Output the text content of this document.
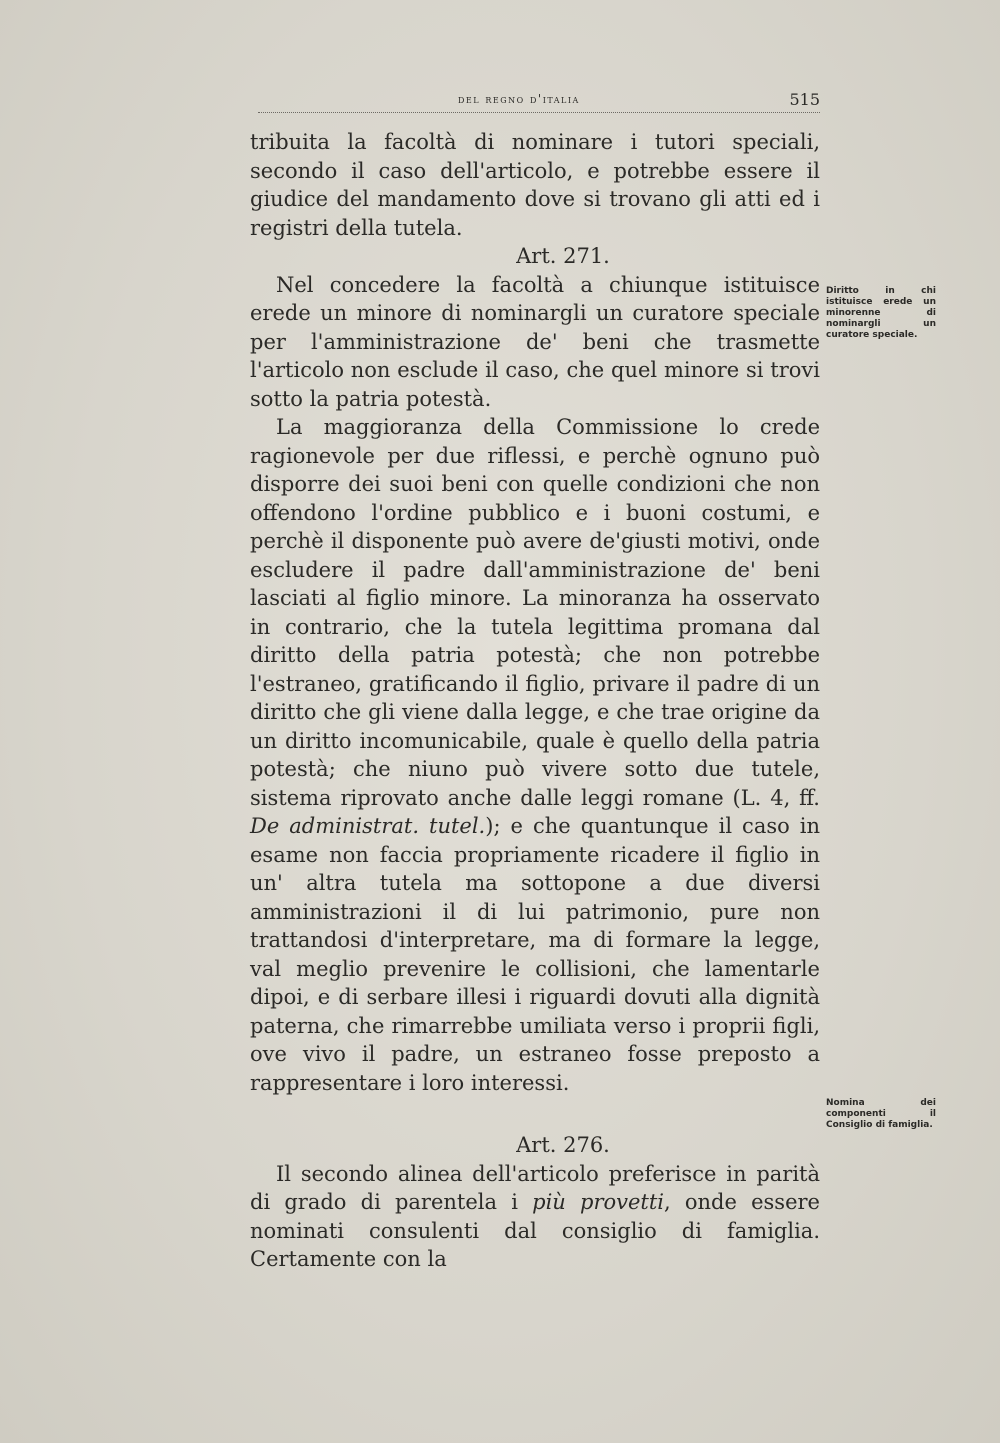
del regno d'italia	515

tribuita la facoltà di nominare i tutori speciali, secondo il caso dell'articolo, e potrebbe essere il giudice del mandamento dove si trovano gli atti ed i registri della tutela.

Art. 271.

Nel concedere la facoltà a chiunque istituisce erede un minore di nominargli un curatore speciale per l'amministrazione de' beni che trasmette l'articolo non esclude il caso, che quel minore si trovi sotto la patria potestà.

La maggioranza della Commissione lo crede ragionevole per due riflessi, e perchè ognuno può disporre dei suoi beni con quelle condizioni che non offendono l'ordine pubblico e i buoni costumi, e perchè il disponente può avere de'giusti motivi, onde escludere il padre dall'amministrazione de' beni lasciati al figlio minore. La minoranza ha osservato in contrario, che la tutela legittima promana dal diritto della patria potestà; che non potrebbe l'estraneo, gratificando il figlio, privare il padre di un diritto che gli viene dalla legge, e che trae origine da un diritto incomunicabile, quale è quello della patria potestà; che niuno può vivere sotto due tutele, sistema riprovato anche dalle leggi romane (L. 4, ff. De administrat. tutel.); e che quantunque il caso in esame non faccia propriamente ricadere il figlio in un' altra tutela ma sottopone a due diversi amministrazioni il di lui patrimonio, pure non trattandosi d'interpretare, ma di formare la legge, val meglio prevenire le collisioni, che lamentarle dipoi, e di serbare illesi i riguardi dovuti alla dignità paterna, che rimarrebbe umiliata verso i proprii figli, ove vivo il padre, un estraneo fosse preposto a rappresentare i loro interessi.

Art. 276.

Il secondo alinea dell'articolo preferisce in parità di grado di parentela i più provetti, onde essere nominati consulenti dal consiglio di famiglia. Certamente con la

Diritto in chi istituisce erede un minorenne di nominargli un curatore speciale.
Nomina dei componenti il Consiglio di famiglia.
